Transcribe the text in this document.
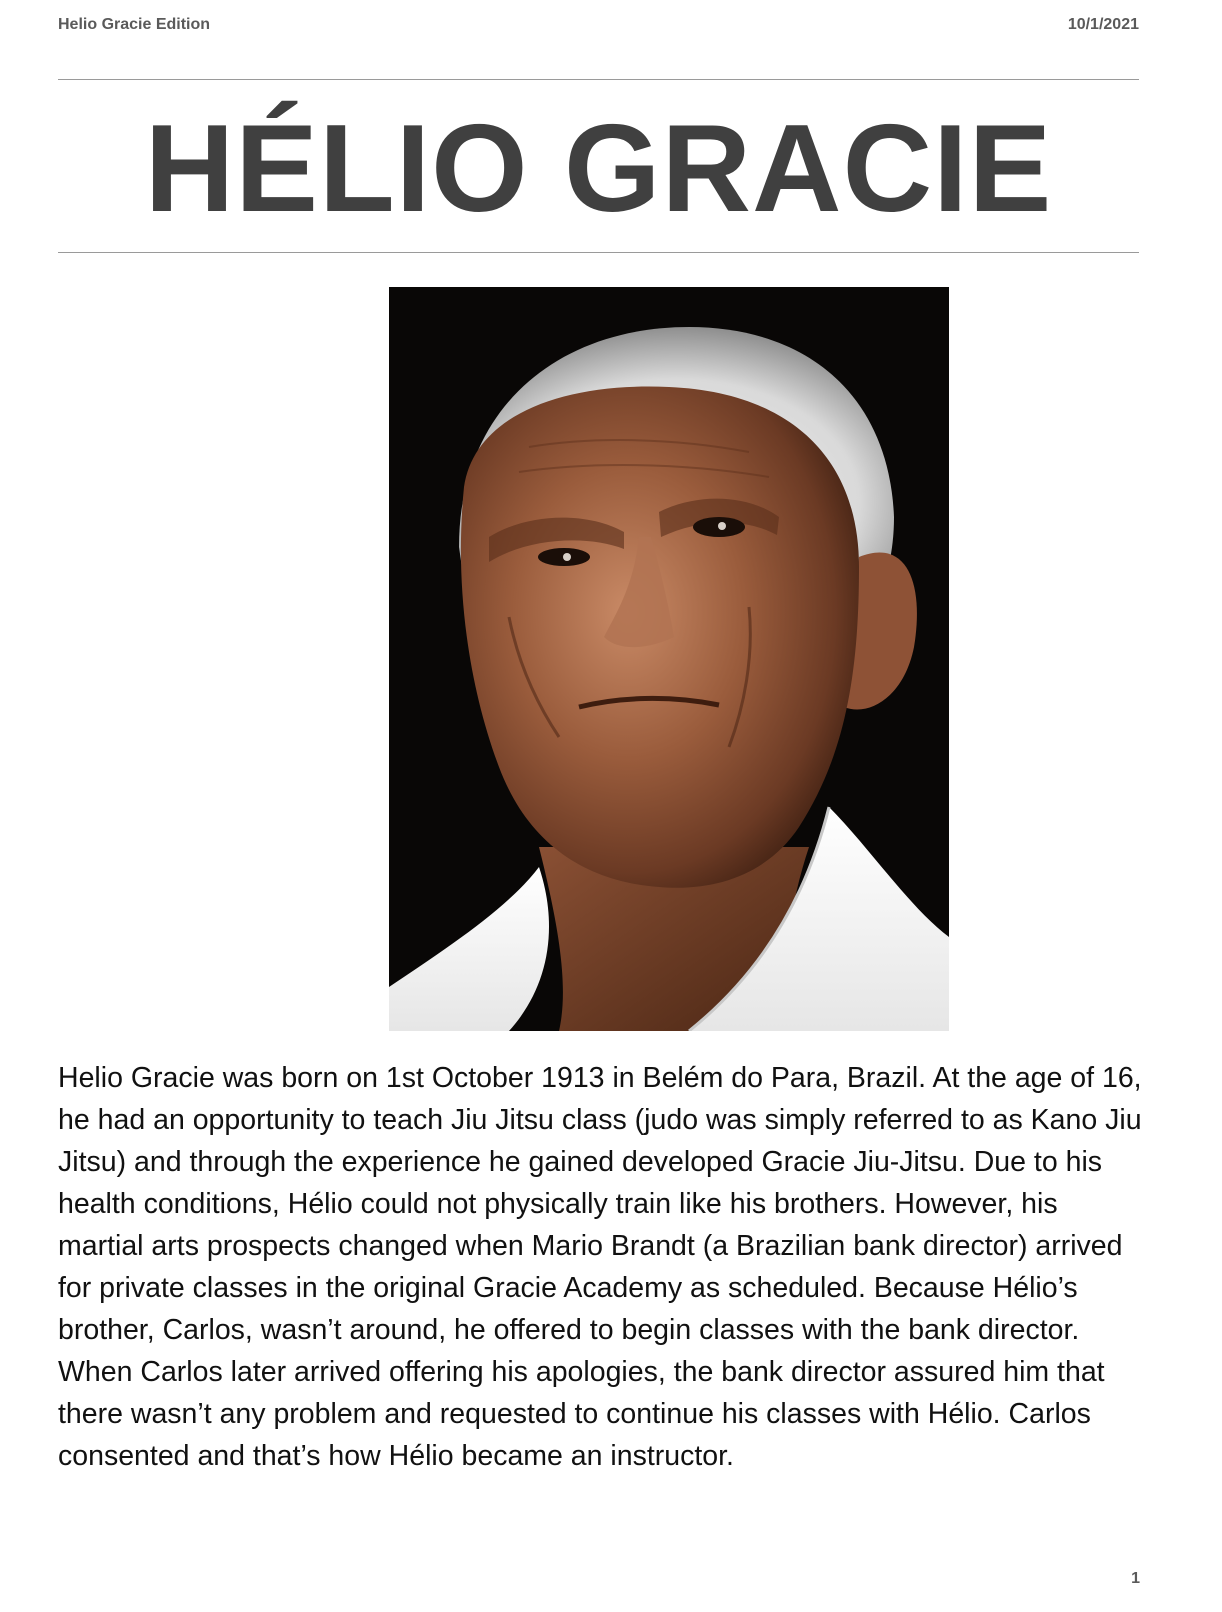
Helio Gracie Edition	10/1/2021
HÉLIO GRACIE
Helio Gracie was born on 1st October 1913 in Belém do Para, Brazil. At the age of 16, he had an opportunity to teach Jiu Jitsu class (judo was simply referred to as Kano Jiu Jitsu) and through the experience he gained developed Gracie Jiu-Jitsu. Due to his health conditions, Hélio could not physically train like his brothers. However, his martial arts prospects changed when Mario Brandt (a Brazilian bank director) arrived for private classes in the original Gracie Academy as scheduled. Because Hélio’s brother, Carlos, wasn’t around, he offered to begin classes with the bank director. When Carlos later arrived offering his apologies, the bank director assured him that there wasn’t any problem and requested to continue his classes with Hélio. Carlos consented and that’s how Hélio became an instructor.
1
